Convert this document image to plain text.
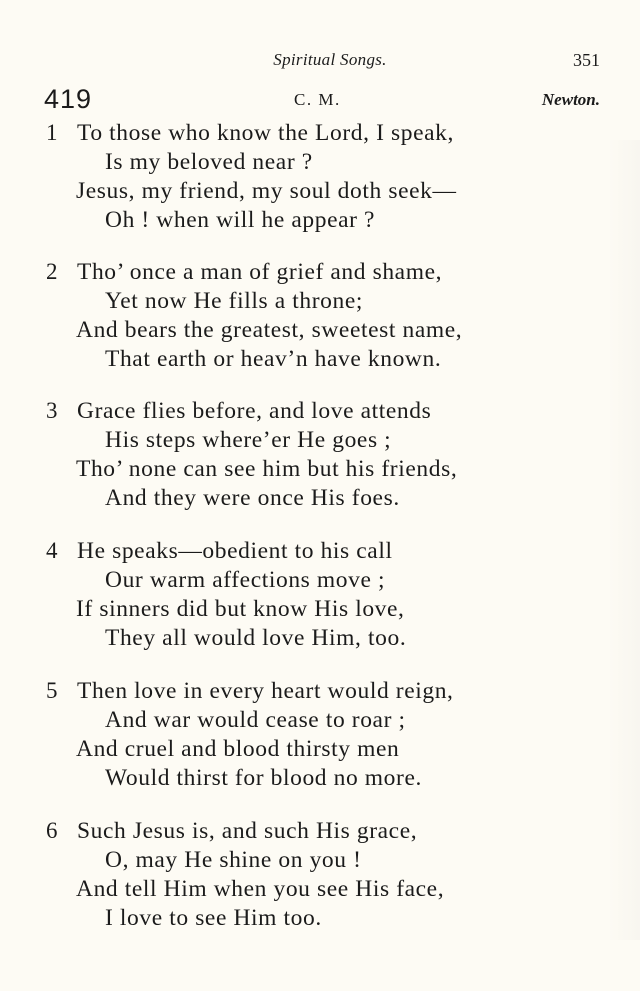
Spiritual Songs.	351
419	C. M.	Newton.
1 To those who know the Lord, I speak,
Is my beloved near ?
Jesus, my friend, my soul doth seek—
Oh ! when will he appear ?
2 Tho’ once a man of grief and shame,
Yet now He fills a throne;
And bears the greatest, sweetest name,
That earth or heav’n have known.
3 Grace flies before, and love attends
His steps where’er He goes ;
Tho’ none can see him but his friends,
And they were once His foes.
4 He speaks—obedient to his call
Our warm affections move ;
If sinners did but know His love,
They all would love Him, too.
5 Then love in every heart would reign,
And war would cease to roar ;
And cruel and blood thirsty men
Would thirst for blood no more.
6 Such Jesus is, and such His grace,
O, may He shine on you !
And tell Him when you see His face,
I love to see Him too.
